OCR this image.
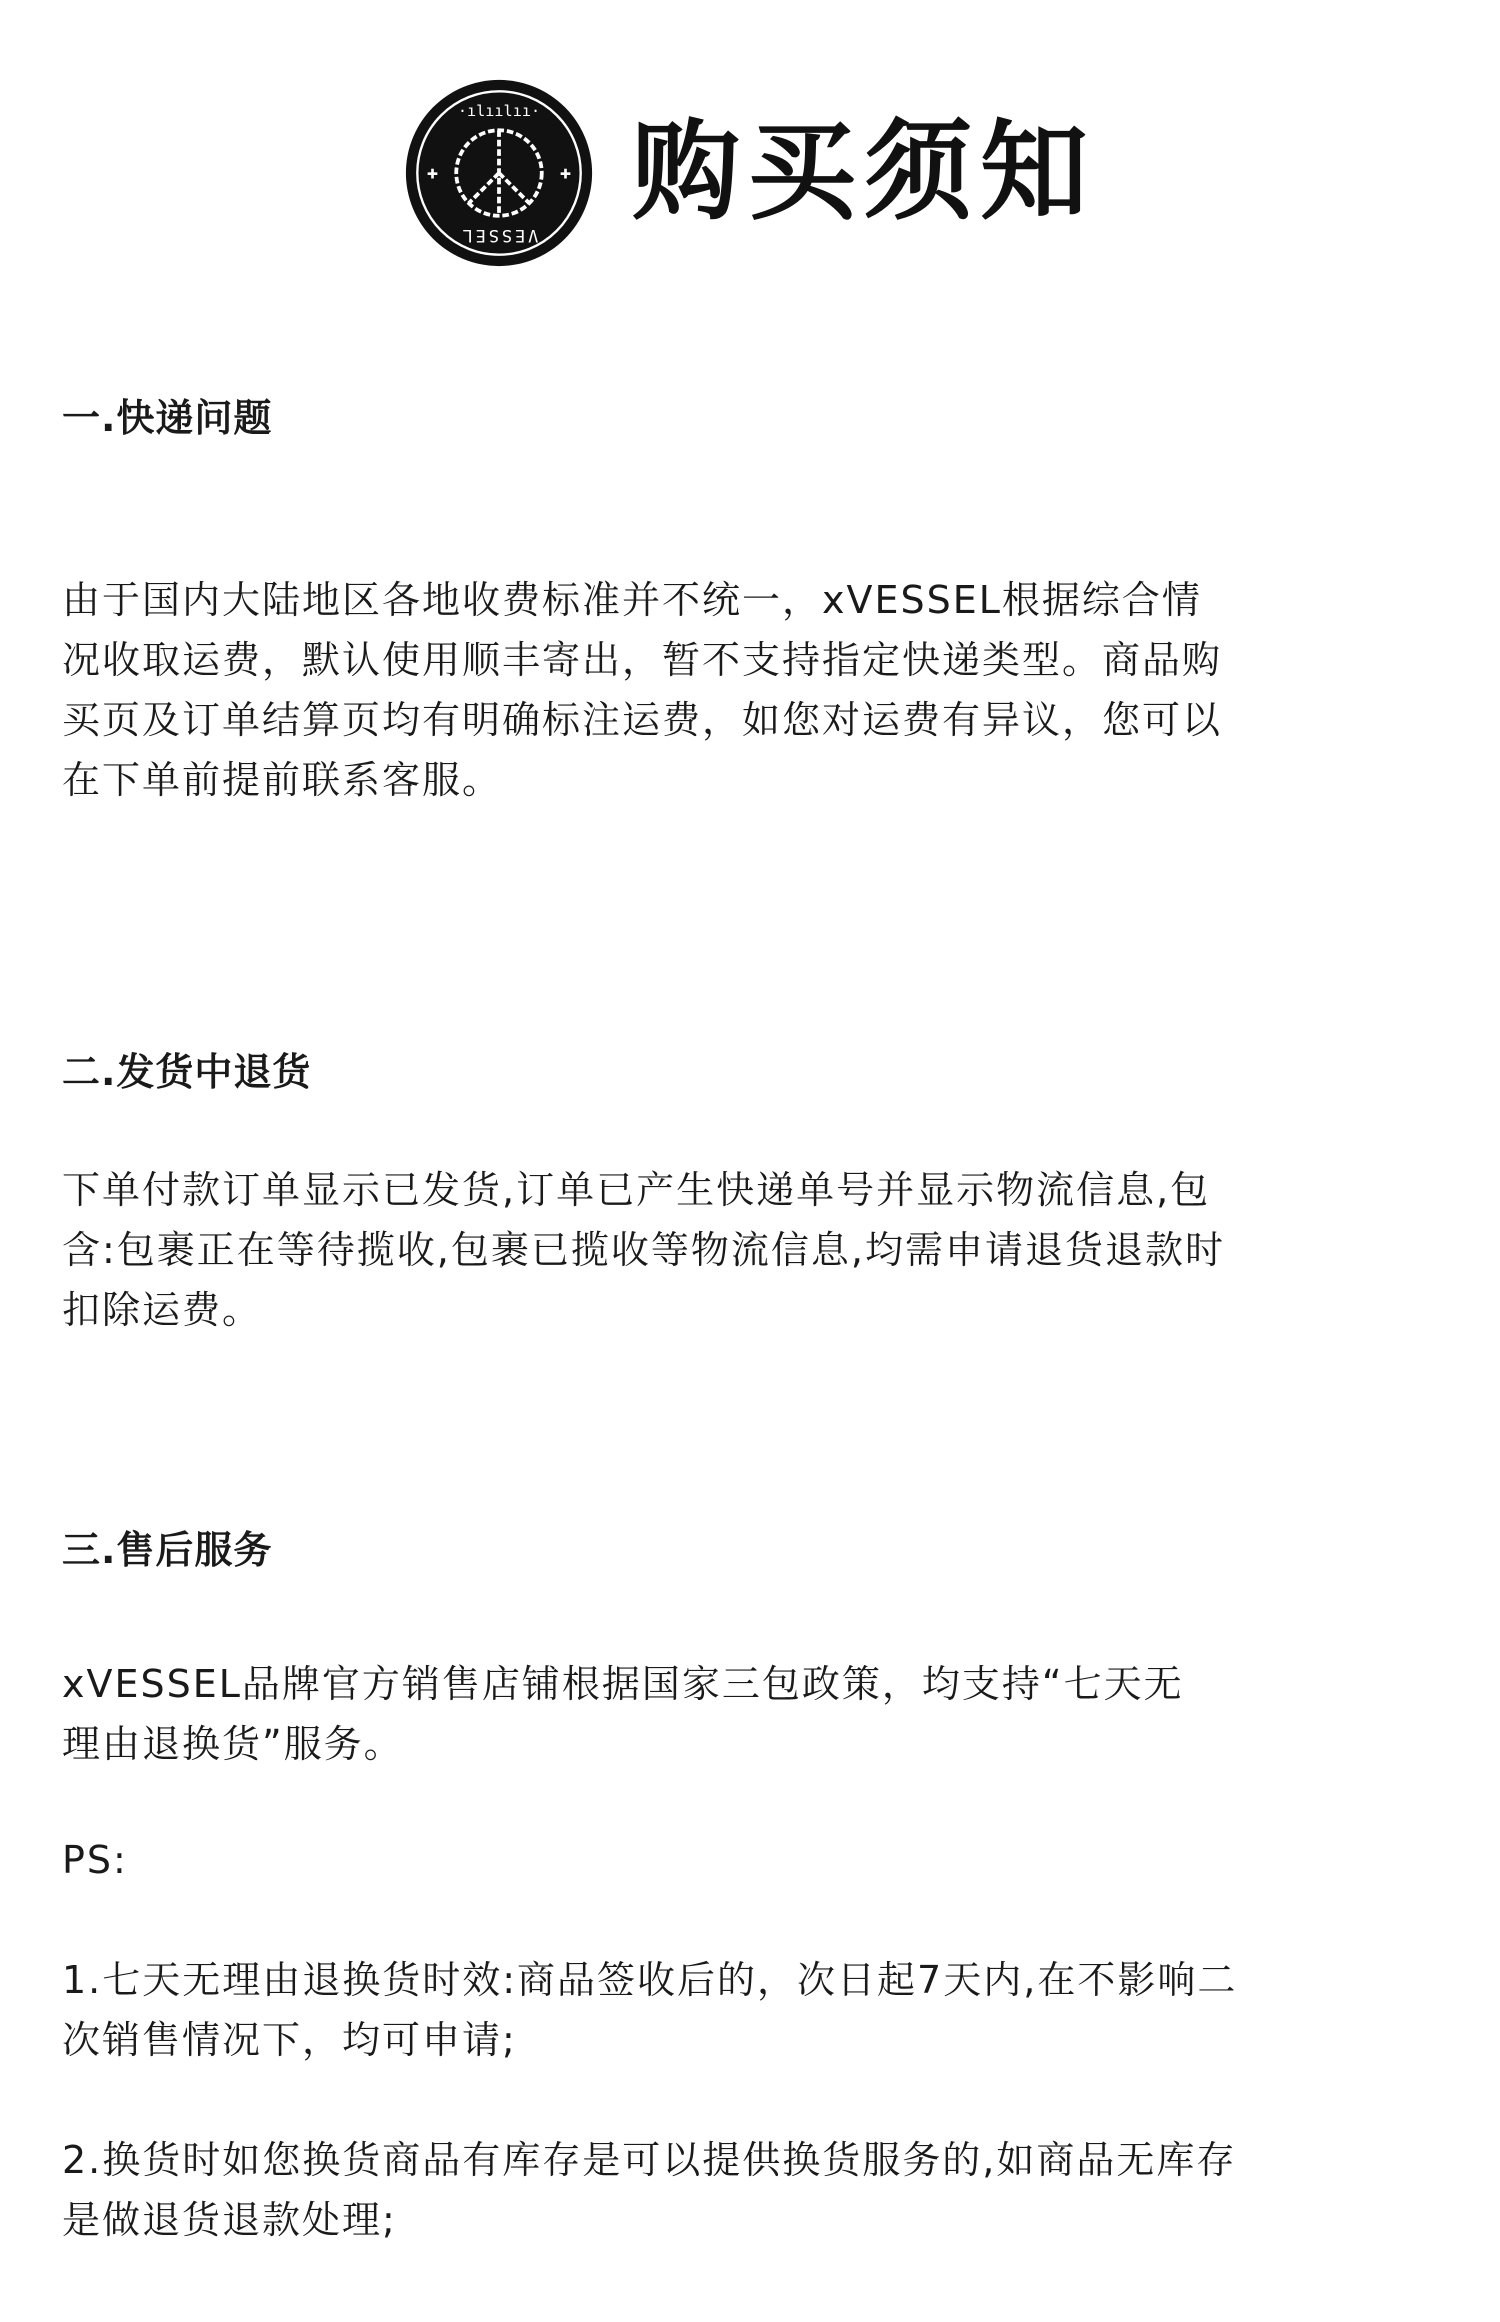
·ılıılıı·
VESSEL
✚	✚ 购买须知
一.快递问题

由于国内大陆地区各地收费标准并不统一，xVESSEL根据综合情
况收取运费，默认使用顺丰寄出，暂不支持指定快递类型。商品购
买页及订单结算页均有明确标注运费，如您对运费有异议，您可以
在下单前提前联系客服。

二.发货中退货

下单付款订单显示已发货,订单已产生快递单号并显示物流信息,包
含:包裹正在等待揽收,包裹已揽收等物流信息,均需申请退货退款时
扣除运费。

三.售后服务

xVESSEL品牌官方销售店铺根据国家三包政策，均支持“七天无
理由退换货”服务。

PS:

1.七天无理由退换货时效:商品签收后的，次日起7天内,在不影响二
次销售情况下，均可申请;

2.换货时如您换货商品有库存是可以提供换货服务的,如商品无库存
是做退货退款处理;
